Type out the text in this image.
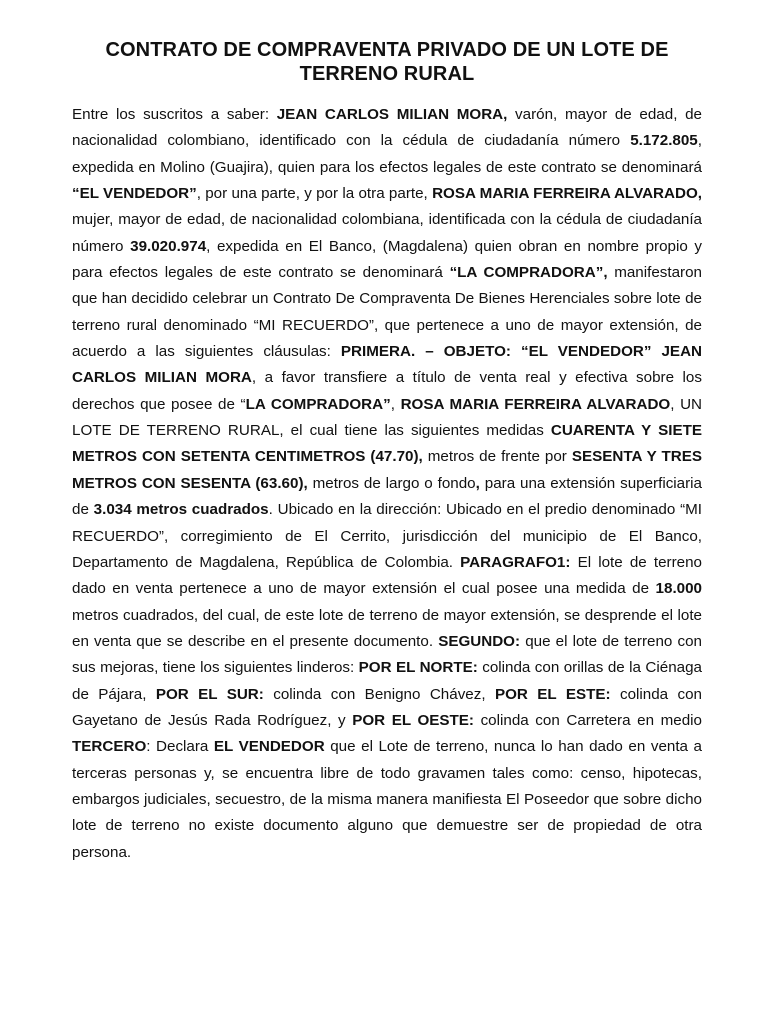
CONTRATO DE COMPRAVENTA PRIVADO DE UN LOTE DE TERRENO RURAL

Entre los suscritos a saber: JEAN CARLOS MILIAN MORA, varón, mayor de edad, de nacionalidad colombiano, identificado con la cédula de ciudadanía número 5.172.805, expedida en Molino (Guajira), quien para los efectos legales de este contrato se denominará “EL VENDEDOR”, por una parte, y por la otra parte, ROSA MARIA FERREIRA ALVARADO, mujer, mayor de edad, de nacionalidad colombiana, identificada con la cédula de ciudadanía número 39.020.974, expedida en El Banco, (Magdalena) quien obran en nombre propio y para efectos legales de este contrato se denominará “LA COMPRADORA”, manifestaron que han decidido celebrar un Contrato De Compraventa De Bienes Herenciales sobre lote de terreno rural denominado “MI RECUERDO”, que pertenece a uno de mayor extensión, de acuerdo a las siguientes cláusulas: PRIMERA. – OBJETO: “EL VENDEDOR” JEAN CARLOS MILIAN MORA, a favor transfiere a título de venta real y efectiva sobre los derechos que posee de “LA COMPRADORA”, ROSA MARIA FERREIRA ALVARADO, UN LOTE DE TERRENO RURAL, el cual tiene las siguientes medidas CUARENTA Y SIETE METROS CON SETENTA CENTIMETROS (47.70), metros de frente por SESENTA Y TRES METROS CON SESENTA (63.60), metros de largo o fondo, para una extensión superficiaria de 3.034 metros cuadrados. Ubicado en la dirección: Ubicado en el predio denominado “MI RECUERDO”, corregimiento de El Cerrito, jurisdicción del municipio de El Banco, Departamento de Magdalena, República de Colombia. PARAGRAFO1: El lote de terreno dado en venta pertenece a uno de mayor extensión el cual posee una medida de 18.000 metros cuadrados, del cual, de este lote de terreno de mayor extensión, se desprende el lote en venta que se describe en el presente documento. SEGUNDO: que el lote de terreno con sus mejoras, tiene los siguientes linderos: POR EL NORTE: colinda con orillas de la Ciénaga de Pájara, POR EL SUR: colinda con Benigno Chávez, POR EL ESTE: colinda con Gayetano de Jesús Rada Rodríguez, y POR EL OESTE: colinda con Carretera en medio TERCERO: Declara EL VENDEDOR que el Lote de terreno, nunca lo han dado en venta a terceras personas y, se encuentra libre de todo gravamen tales como: censo, hipotecas, embargos judiciales, secuestro, de la misma manera manifiesta El Poseedor que sobre dicho lote de terreno no existe documento alguno que demuestre ser de propiedad de otra persona.
